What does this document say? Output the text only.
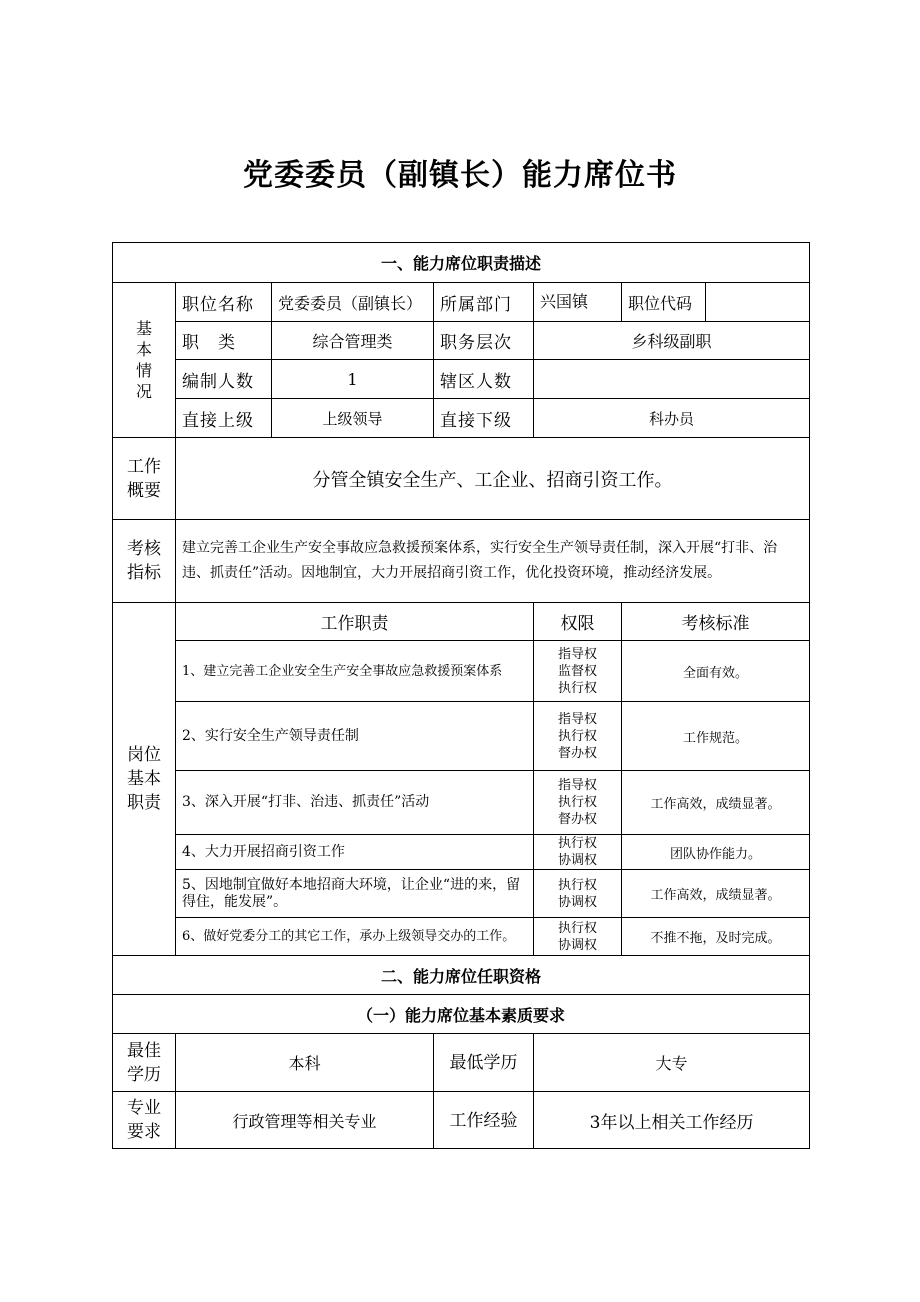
党委委员（副镇长）能力席位书
一、能力席位职责描述						

基本情况	职位名称	党委委员（副镇长）	所属部门	兴国镇	职位代码	
	职　类	综合管理类	职务层次	乡科级副职		
	编制人数	1	辖区人数			
	直接上级	上级领导	直接下级	科办员		

工作概要	分管全镇安全生产、工企业、招商引资工作。					

考核指标	建立完善工企业生产安全事故应急救援预案体系，实行安全生产领导责任制，深入开展“打非、治违、抓责任”活动。因地制宜，大力开展招商引资工作，优化投资环境，推动经济发展。					

岗位基本职责	工作职责			权限	考核标准	
	1、建立完善工企业安全生产安全事故应急救援预案体系			指导权
监督权
执行权	全面有效。	
	2、实行安全生产领导责任制			指导权
执行权
督办权	工作规范。	
	3、深入开展“打非、治违、抓责任”活动			指导权
执行权
督办权	工作高效，成绩显著。	
	4、大力开展招商引资工作			执行权
协调权	团队协作能力。	
	5、因地制宜做好本地招商大环境，让企业“进的来，留得住，能发展”。			执行权
协调权	工作高效，成绩显著。	
	6、做好党委分工的其它工作，承办上级领导交办的工作。			执行权
协调权	不推不拖，及时完成。	
二、能力席位任职资格						
（一）能力席位基本素质要求						

最佳学历	本科		最低学历	大专		

专业要求	行政管理等相关专业		工作经验	3年以上相关工作经历		
